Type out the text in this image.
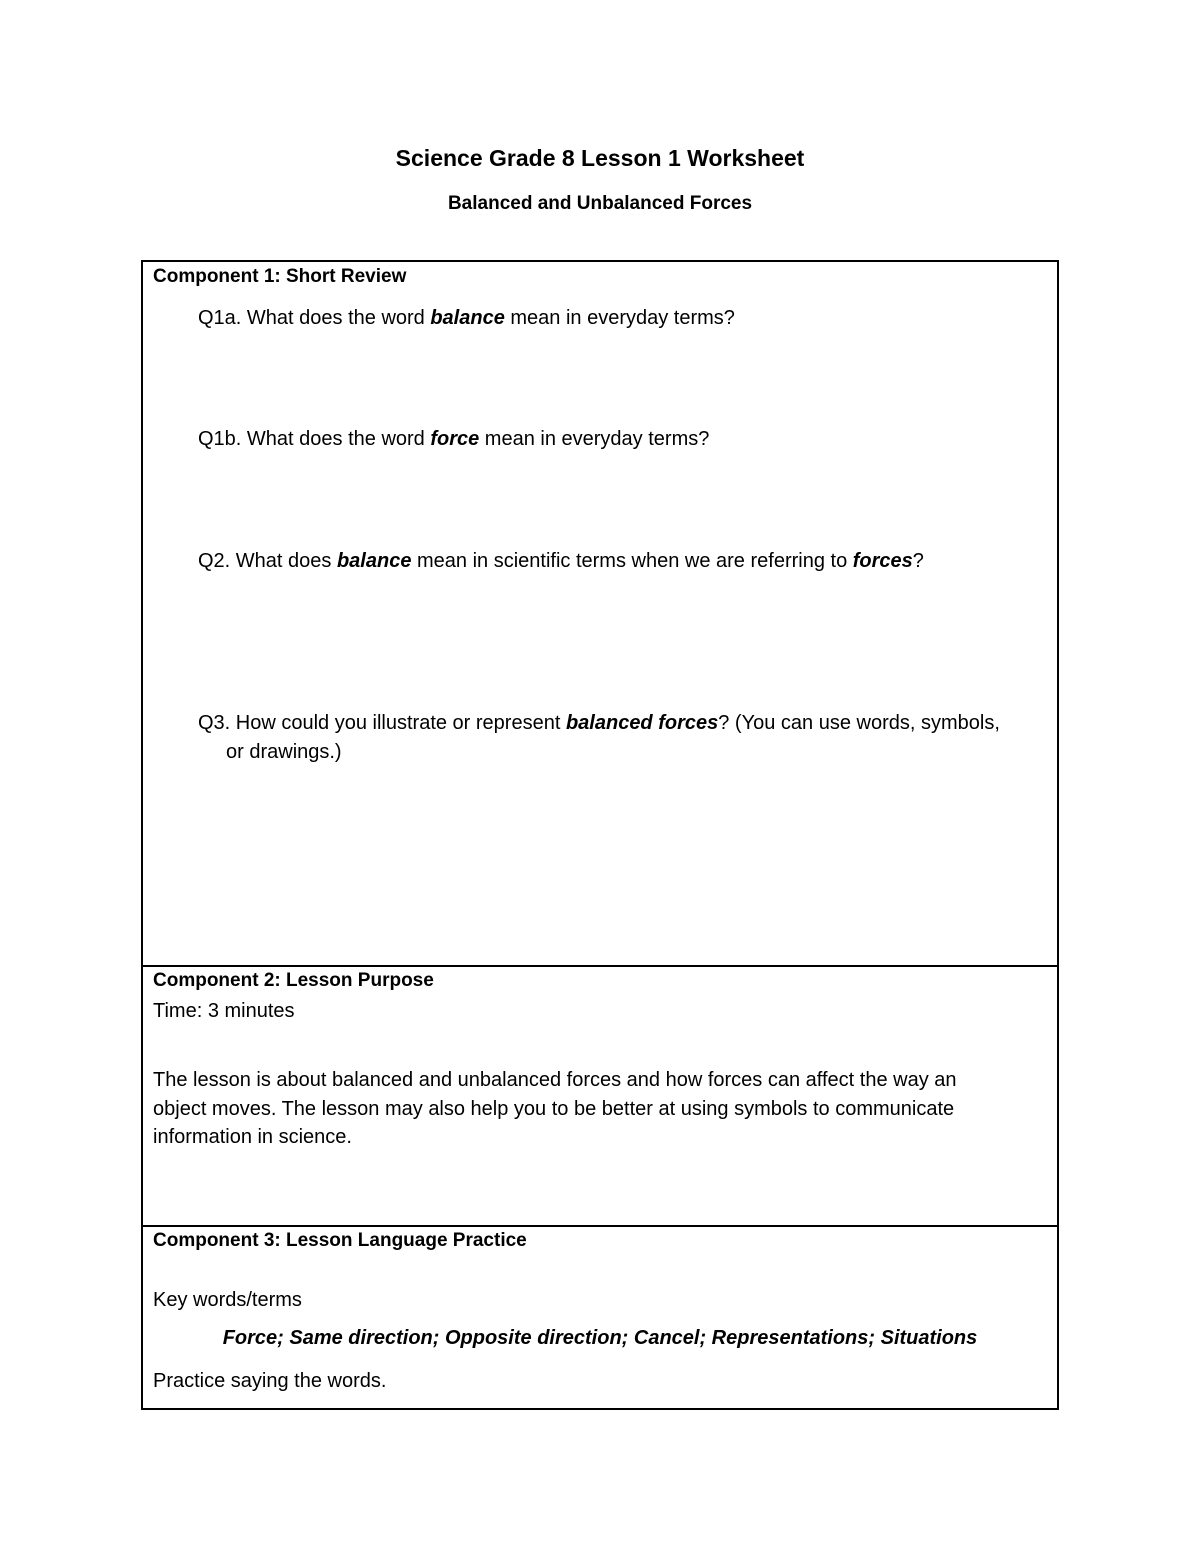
Science Grade 8 Lesson 1 Worksheet
Balanced and Unbalanced Forces
Component 1: Short Review
Q1a. What does the word balance mean in everyday terms?
Q1b. What does the word force mean in everyday terms?
Q2. What does balance mean in scientific terms when we are referring to forces?
Q3. How could you illustrate or represent balanced forces? (You can use words, symbols,
or drawings.)
Component 2: Lesson Purpose
Time: 3 minutes
The lesson is about balanced and unbalanced forces and how forces can affect the way an
object moves. The lesson may also help you to be better at using symbols to communicate
information in science.
Component 3: Lesson Language Practice
Key words/terms
Force; Same direction; Opposite direction; Cancel; Representations; Situations
Practice saying the words.
